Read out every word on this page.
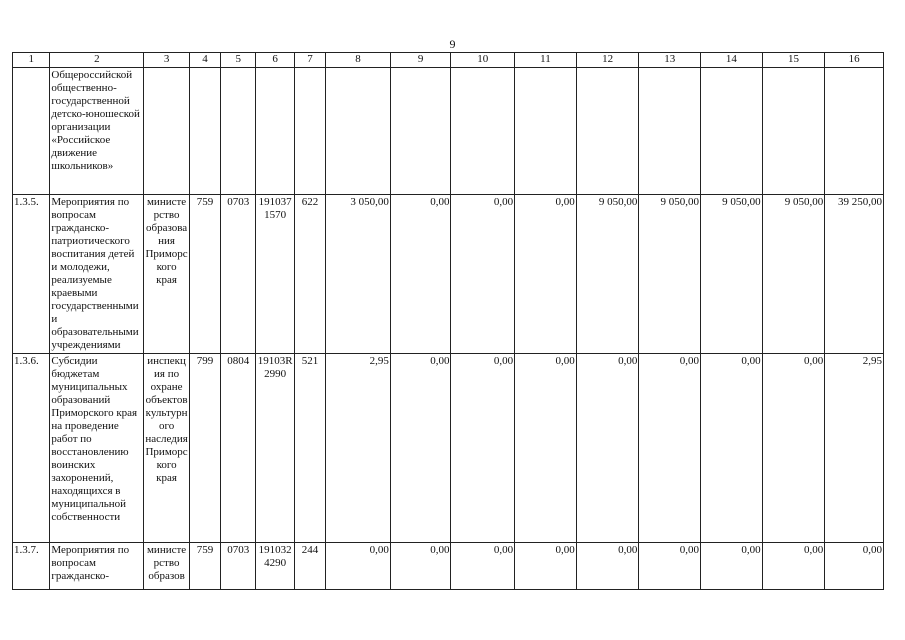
9
1	2	3	4	5	6	7	8	9	10	11	12	13	14	15	16
	Общероссийской общественно-государственной детско-юношеской организации «Российское движение школьников»														
1.3.5.	Мероприятия по вопросам гражданско-патриотического воспитания детей и молодежи, реализуемые краевыми государственными и образовательными учреждениями	министерство образования Приморского края	759	0703	1910371570	622	3 050,00	0,00	0,00	0,00	9 050,00	9 050,00	9 050,00	9 050,00	39 250,00
1.3.6.	Субсидии бюджетам муниципальных образований Приморского края на проведение работ по восстановлению воинских захоронений, находящихся в муниципальной собственности	инспекция по охране объектов культурного наследия Приморского края	799	0804	19103R2990	521	2,95	0,00	0,00	0,00	0,00	0,00	0,00	0,00	2,95
1.3.7.	Мероприятия по вопросам гражданско-	министерство образов	759	0703	1910324290	244	0,00	0,00	0,00	0,00	0,00	0,00	0,00	0,00	0,00
